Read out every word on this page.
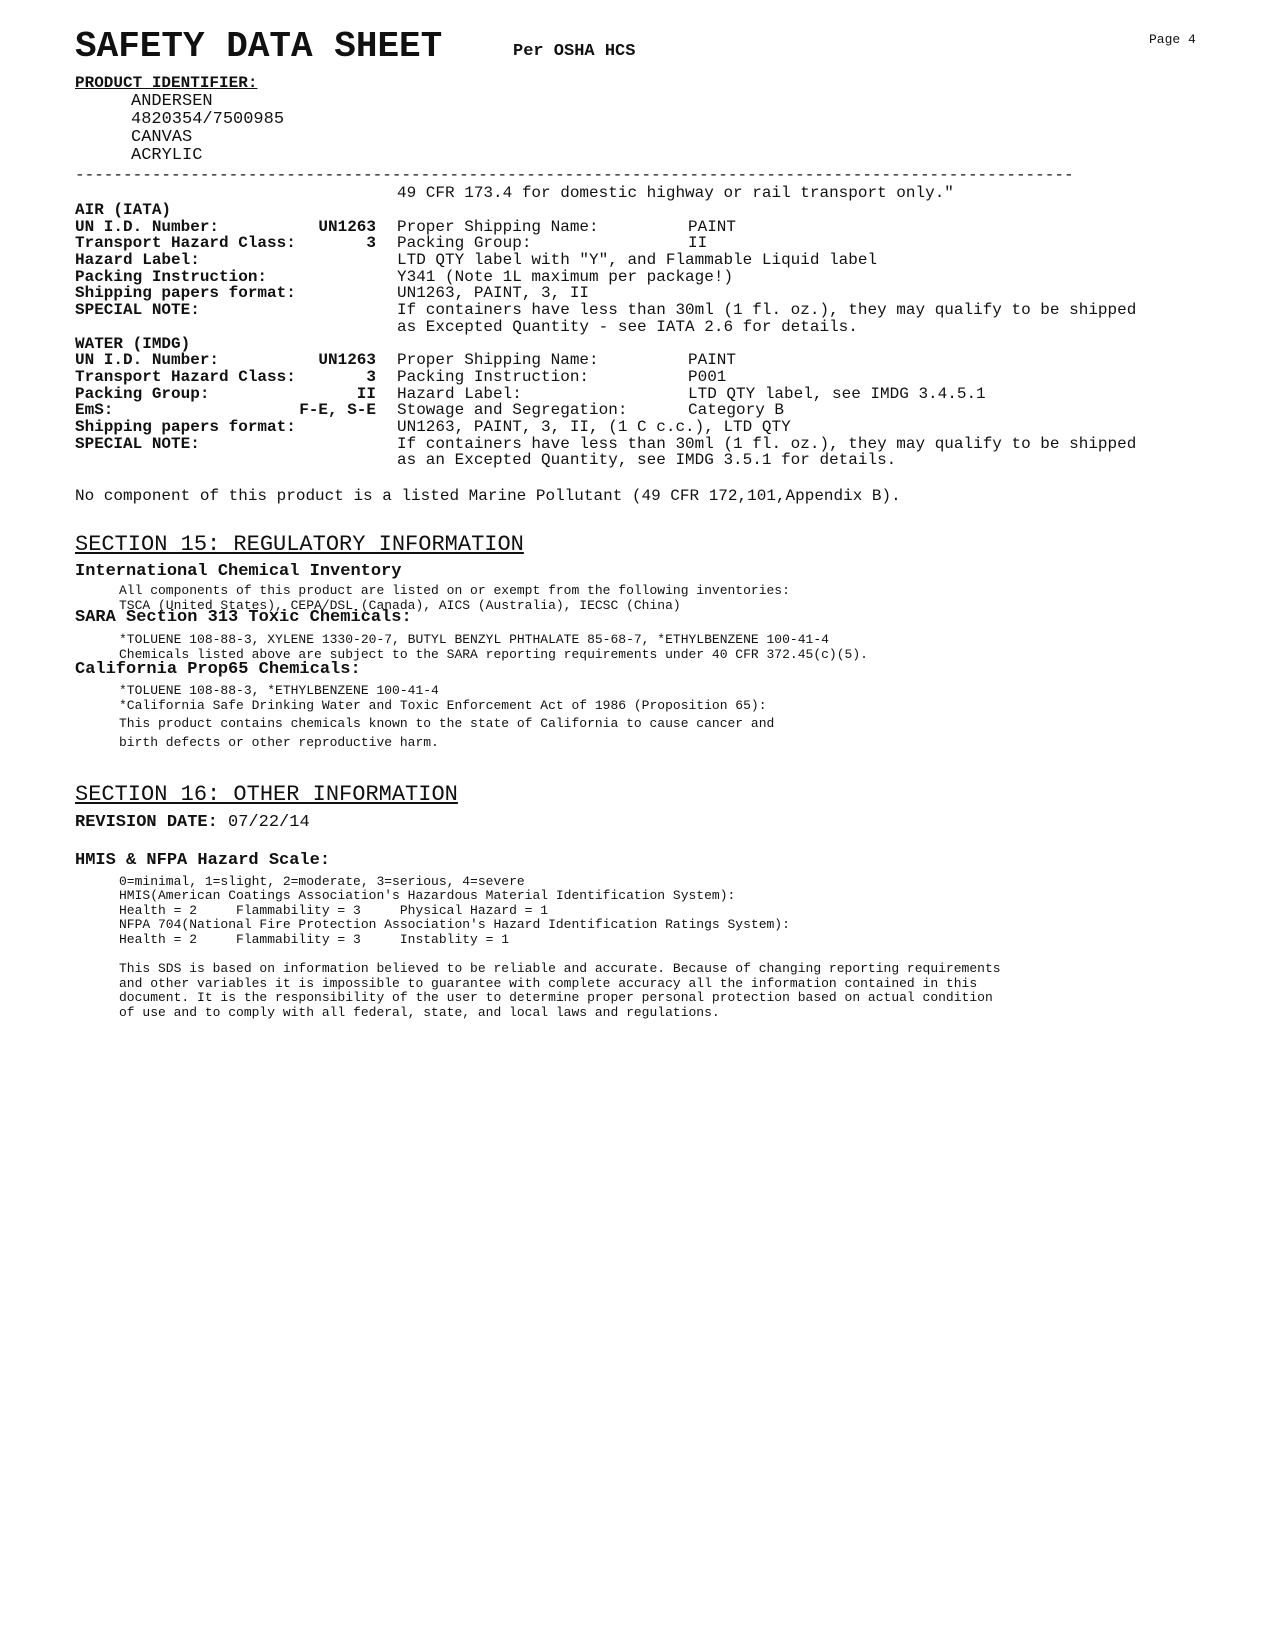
SAFETY DATA SHEET	Per OSHA HCS
Page 4
PRODUCT IDENTIFIER:
ANDERSEN
4820354/7500985
CANVAS
ACRYLIC
--------------------------------------------------------------------------------------------------------
49 CFR 173.4 for domestic highway or rail transport only."
AIR (IATA)
UN I.D. Number:	UN1263 Proper Shipping Name:	PAINT
Transport Hazard Class:	3 Packing Group:	II
Hazard Label:	LTD QTY label with "Y", and Flammable Liquid label
Packing Instruction:	Y341 (Note 1L maximum per package!)
Shipping papers format:	UN1263, PAINT, 3, II
SPECIAL NOTE:	If containers have less than 30ml (1 fl. oz.), they may qualify to be shipped
as Excepted Quantity - see IATA 2.6 for details.
WATER (IMDG)
UN I.D. Number:	UN1263 Proper Shipping Name:	PAINT
Transport Hazard Class:	3 Packing Instruction:	P001
Packing Group:	II Hazard Label:	LTD QTY label, see IMDG 3.4.5.1
EmS:	F-E, S-E Stowage and Segregation:	Category B
Shipping papers format:	UN1263, PAINT, 3, II, (1 C c.c.), LTD QTY
SPECIAL NOTE:	If containers have less than 30ml (1 fl. oz.), they may qualify to be shipped
as an Excepted Quantity, see IMDG 3.5.1 for details.
No component of this product is a listed Marine Pollutant (49 CFR 172,101,Appendix B).
SECTION 15: REGULATORY INFORMATION
International Chemical Inventory
All components of this product are listed on or exempt from the following inventories:
TSCA (United States), CEPA/DSL (Canada), AICS (Australia), IECSC (China)
SARA Section 313 Toxic Chemicals:
*TOLUENE 108-88-3, XYLENE 1330-20-7, BUTYL BENZYL PHTHALATE 85-68-7, *ETHYLBENZENE 100-41-4
Chemicals listed above are subject to the SARA reporting requirements under 40 CFR 372.45(c)(5).
California Prop65 Chemicals:
*TOLUENE 108-88-3, *ETHYLBENZENE 100-41-4
*California Safe Drinking Water and Toxic Enforcement Act of 1986 (Proposition 65):
This product contains chemicals known to the state of California to cause cancer and
birth defects or other reproductive harm.
SECTION 16: OTHER INFORMATION
REVISION DATE: 07/22/14
HMIS & NFPA Hazard Scale:
0=minimal, 1=slight, 2=moderate, 3=serious, 4=severe
HMIS(American Coatings Association's Hazardous Material Identification System):
Health = 2     Flammability = 3     Physical Hazard = 1
NFPA 704(National Fire Protection Association's Hazard Identification Ratings System):
Health = 2     Flammability = 3     Instablity = 1
This SDS is based on information believed to be reliable and accurate. Because of changing reporting requirements
and other variables it is impossible to guarantee with complete accuracy all the information contained in this
document. It is the responsibility of the user to determine proper personal protection based on actual condition
of use and to comply with all federal, state, and local laws and regulations.
